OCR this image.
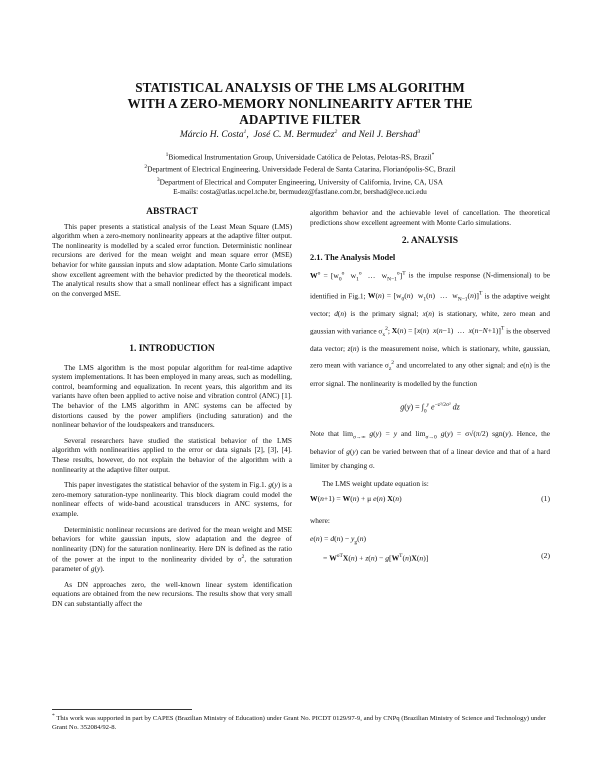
STATISTICAL ANALYSIS OF THE LMS ALGORITHM
WITH A ZERO-MEMORY NONLINEARITY AFTER THE
ADAPTIVE FILTER
Márcio H. Costa$^1$,  José C. M. Bermudez$^2$ and Neil J. Bershad$^3$
$^1$Biomedical Instrumentation Group, Universidade Católica de Pelotas, Pelotas-RS, Brazil*
$^2$Department of Electrical Engineering, Universidade Federal de Santa Catarina, Florianópolis-SC, Brazil
$^3$Department of Electrical and Computer Engineering, University of California, Irvine, CA, USA
E-mails: costa@atlas.ucpel.tche.br, bermudez@fastlane.com.br, bershad@ece.uci.edu
ABSTRACT

This paper presents a statistical analysis of the Least Mean Square (LMS) algorithm when a zero-memory nonlinearity appears at the adaptive filter output. The nonlinearity is modelled by a scaled error function. Deterministic nonlinear recursions are derived for the mean weight and mean square error (MSE) behavior for white gaussian inputs and slow adaptation. Monte Carlo simulations show excellent agreement with the behavior predicted by the theoretical models. The analytical results show that a small nonlinear effect has a significant impact on the converged MSE.

1. INTRODUCTION

The LMS algorithm is the most popular algorithm for real-time adaptive system implementations. It has been employed in many areas, such as modelling, control, beamforming and equalization. In recent years, this algorithm and its variants have often been applied to active noise and vibration control (ANC) [1]. The behavior of the LMS algorithm in ANC systems can be affected by distortions caused by the power amplifiers (including saturation) and the nonlinear behavior of the loudspeakers and transducers.

Several researchers have studied the statistical behavior of the LMS algorithm with nonlinearities applied to the error or data signals [2], [3], [4]. These results, however, do not explain the behavior of the algorithm with a nonlinearity at the adaptive filter output.

This paper investigates the statistical behavior of the system in Fig.1. g(y) is a zero-memory saturation-type nonlinearity. This block diagram could model the nonlinear effects of wide-band acoustical transducers in ANC systems, for example.

Deterministic nonlinear recursions are derived for the mean weight and MSE behaviors for white gaussian inputs, slow adaptation and the degree of nonlinearity (DN) for the saturation nonlinearity. Here DN is defined as the ratio of the power at the input to the nonlinearity divided by $\sigma^2$, the saturation parameter of g(y).

As DN approaches zero, the well-known linear system identification equations are obtained from the new recursions. The results show that very small DN can substantially affect the

algorithm behavior and the achievable level of cancellation. The theoretical predictions show excellent agreement with Monte Carlo simulations.

2. ANALYSIS
2.1. The Analysis Model
$W^o = [w_0^o$  $w_1^o$  …  $w_{N-1}^o]^T$ is the impulse response (N-dimensional) to be identified in Fig.1; $W(n) = [w_0(n)$  $w_1(n)$  …  $w_{N-1}(n)]^T$ is the adaptive weight vector; d(n) is the primary signal; x(n) is stationary, white, zero mean and gaussian with variance $\sigma_x^2$; X(n) = [x(n)  x(n−1)  …  x(n−N+1)]$^T$ is the observed data vector; z(n) is the measurement noise, which is stationary, white, gaussian, zero mean with variance $\sigma_z^2$ and uncorrelated to any other signal; and e(n) is the error signal. The nonlinearity is modelled by the function
$g(y) = \int_0^y$ $e^{-z^2/2\sigma^2}$ dz
Note that $\lim_{\sigma\to\infty} g(y) = y$ and $\lim_{\sigma\to 0} g(y) = \sigma√(\pi/2)$ sgn(y). Hence, the behavior of g(y) can be varied between that of a linear device and that of a hard limiter by changing σ.

The LMS weight update equation is:

W(n+1) = W(n) + μ e(n) X(n)	(1)

where:

$e(n) = d(n) - y_g(n)$
= $W^{oT}X(n) + z(n) - g[W^T(n)X(n)]$	(2)
* This work was supported in part by CAPES (Brazilian Ministry of Education) under Grant No. PICDT 0129/97-9, and by CNPq (Brazilian Ministry of Science and Technology) under Grant No. 352084/92-8.
